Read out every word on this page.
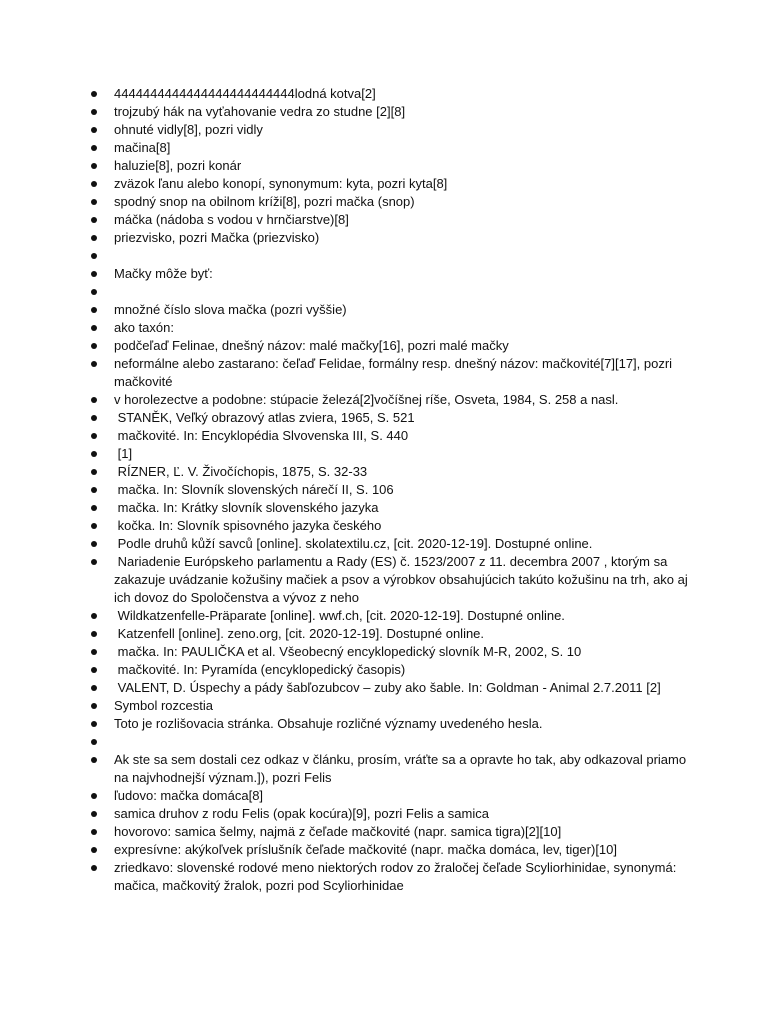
4444444444444444444444444lodná kotva[2]
trojzubý hák na vyťahovanie vedra zo studne [2][8]
ohnuté vidly[8], pozri vidly
mačina[8]
haluzie[8], pozri konár
zväzok ľanu alebo konopí, synonymum: kyta, pozri kyta[8]
spodný snop na obilnom kríži[8], pozri mačka (snop)
máčka (nádoba s vodou v hrnčiarstve)[8]
priezvisko, pozri Mačka (priezvisko)
Mačky môže byť:
množné číslo slova mačka (pozri vyššie)
ako taxón:
podčeľaď Felinae, dnešný názov: malé mačky[16], pozri malé mačky
neformálne alebo zastarano: čeľaď Felidae, formálny resp. dnešný názov: mačkovité[7][17], pozri mačkovité
v horolezectve a podobne: stúpacie železá[2]vočíšnej ríše, Osveta, 1984, S. 258 a nasl.
STANĚK, Veľký obrazový atlas zviera, 1965, S. 521
mačkovité. In: Encyklopédia Slvovenska III, S. 440
[1]
RÍZNER, Ľ. V. Živočíchopis, 1875, S. 32-33
mačka. In: Slovník slovenských nárečí II, S. 106
mačka. In: Krátky slovník slovenského jazyka
kočka. In: Slovník spisovného jazyka českého
Podle druhů kůží savců [online]. skolatextilu.cz, [cit. 2020-12-19]. Dostupné online.
Nariadenie Európskeho parlamentu a Rady (ES) č. 1523/2007 z 11. decembra 2007 , ktorým sa zakazuje uvádzanie kožušiny mačiek a psov a výrobkov obsahujúcich takúto kožušinu na trh, ako aj ich dovoz do Spoločenstva a vývoz z neho
Wildkatzenfelle-Präparate [online]. wwf.ch, [cit. 2020-12-19]. Dostupné online.
Katzenfell [online]. zeno.org, [cit. 2020-12-19]. Dostupné online.
mačka. In: PAULIČKA et al. Všeobecný encyklopedický slovník M-R, 2002, S. 10
mačkovité. In: Pyramída (encyklopedický časopis)
VALENT, D. Úspechy a pády šabľozubcov – zuby ako šable. In: Goldman - Animal 2.7.2011 [2]
Symbol rozcestia
Toto je rozlišovacia stránka. Obsahuje rozličné významy uvedeného hesla.
Ak ste sa sem dostali cez odkaz v článku, prosím, vráťte sa a opravte ho tak, aby odkazoval priamo na najvhodnejší význam.]), pozri Felis
ľudovo: mačka domáca[8]
samica druhov z rodu Felis (opak kocúra)[9], pozri Felis a samica
hovorovo: samica šelmy, najmä z čeľade mačkovité (napr. samica tigra)[2][10]
expresívne: akýkoľvek príslušník čeľade mačkovité (napr. mačka domáca, lev, tiger)[10]
zriedkavo: slovenské rodové meno niektorých rodov zo žraločej čeľade Scyliorhinidae, synonymá: mačica, mačkovitý žralok, pozri pod Scyliorhinidae
